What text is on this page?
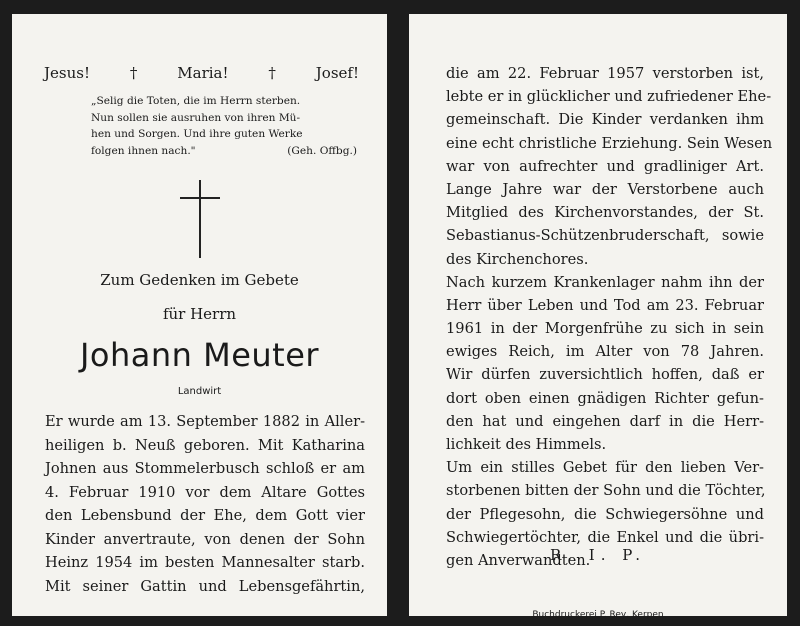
Jesus!	†	Maria!	†	Josef!
„Selig die Toten, die im Herrn sterben.
Nun sollen sie ausruhen von ihren Mü-
hen und Sorgen. Und ihre guten Werke
folgen ihnen nach."	(Geh. Offbg.)
Zum Gedenken im Gebete
für Herrn
Johann Meuter
Landwirt
Er wurde am 13. September 1882 in Aller-
heiligen b. Neuß geboren. Mit Katharina
Johnen aus Stommelerbusch schloß er am
4. Februar 1910 vor dem Altare Gottes
den Lebensbund der Ehe, dem Gott vier
Kinder anvertraute, von denen der Sohn
Heinz 1954 im besten Mannesalter starb.
Mit seiner Gattin und Lebensgefährtin,
die am 22. Februar 1957 verstorben ist,
lebte er in glücklicher und zufriedener Ehe-
gemeinschaft. Die Kinder verdanken ihm
eine echt christliche Erziehung. Sein Wesen
war von aufrechter und gradliniger Art.
Lange Jahre war der Verstorbene auch
Mitglied des Kirchenvorstandes, der St.
Sebastianus-Schützenbruderschaft, sowie
des Kirchenchores.
Nach kurzem Krankenlager nahm ihn der
Herr über Leben und Tod am 23. Februar
1961 in der Morgenfrühe zu sich in sein
ewiges Reich, im Alter von 78 Jahren.
Wir dürfen zuversichtlich hoffen, daß er
dort oben einen gnädigen Richter gefun-
den hat und eingehen darf in die Herr-
lichkeit des Himmels.
Um ein stilles Gebet für den lieben Ver-
storbenen bitten der Sohn und die Töchter,
der Pflegesohn, die Schwiegersöhne und
Schwiegertöchter, die Enkel und die übri-
gen Anverwandten.
R. I. P.
Buchdruckerei P. Rey, Kerpen
